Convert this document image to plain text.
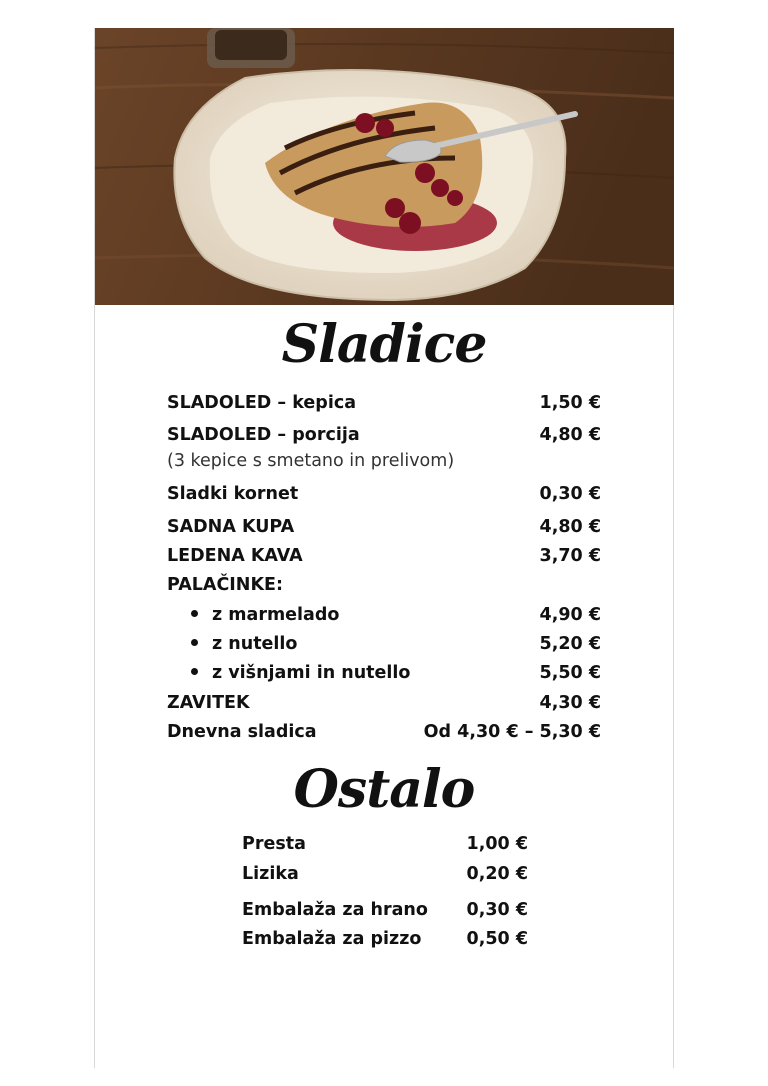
Sladice
SLADOLED – kepica	1,50 €
SLADOLED – porcija	4,80 €
(3 kepice s smetano in prelivom)
Sladki kornet	0,30 €
SADNA KUPA	4,80 €
LEDENA KAVA	3,70 €
PALAČINKE:
z marmelado	4,90 €
z nutello	5,20 €
z višnjami in nutello	5,50 €
ZAVITEK	4,30 €
Dnevna sladica	Od 4,30 € – 5,30 €
Ostalo
Presta	1,00 €
Lizika	0,20 €
Embalaža za hrano 0,30 €
Embalaža za pizzo	0,50 €
